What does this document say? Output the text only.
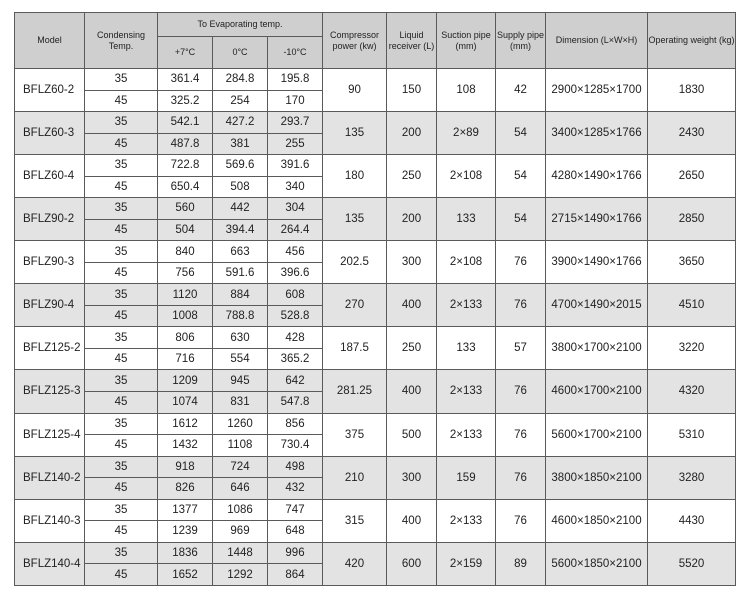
Model	Condensing Temp.	To Evaporating temp.			Compressor power (kw)	Liquid receiver (L)	Suction pipe (mm)	Supply pipe (mm)	Dimension (L×W×H)	Operating weight (kg)
		+7°C	0°C	-10°C						
BFLZ60-2	35	361.4	284.8	195.8	90	150	108	42	2900×1285×1700	1830
	45	325.2	254	170						
BFLZ60-3	35	542.1	427.2	293.7	135	200	2×89	54	3400×1285×1766	2430
	45	487.8	381	255						
BFLZ60-4	35	722.8	569.6	391.6	180	250	2×108	54	4280×1490×1766	2650
	45	650.4	508	340						
BFLZ90-2	35	560	442	304	135	200	133	54	2715×1490×1766	2850
	45	504	394.4	264.4						
BFLZ90-3	35	840	663	456	202.5	300	2×108	76	3900×1490×1766	3650
	45	756	591.6	396.6						
BFLZ90-4	35	1120	884	608	270	400	2×133	76	4700×1490×2015	4510
	45	1008	788.8	528.8						
BFLZ125-2	35	806	630	428	187.5	250	133	57	3800×1700×2100	3220
	45	716	554	365.2						
BFLZ125-3	35	1209	945	642	281.25	400	2×133	76	4600×1700×2100	4320
	45	1074	831	547.8						
BFLZ125-4	35	1612	1260	856	375	500	2×133	76	5600×1700×2100	5310
	45	1432	1108	730.4						
BFLZ140-2	35	918	724	498	210	300	159	76	3800×1850×2100	3280
	45	826	646	432						
BFLZ140-3	35	1377	1086	747	315	400	2×133	76	4600×1850×2100	4430
	45	1239	969	648						
BFLZ140-4	35	1836	1448	996	420	600	2×159	89	5600×1850×2100	5520
	45	1652	1292	864						
